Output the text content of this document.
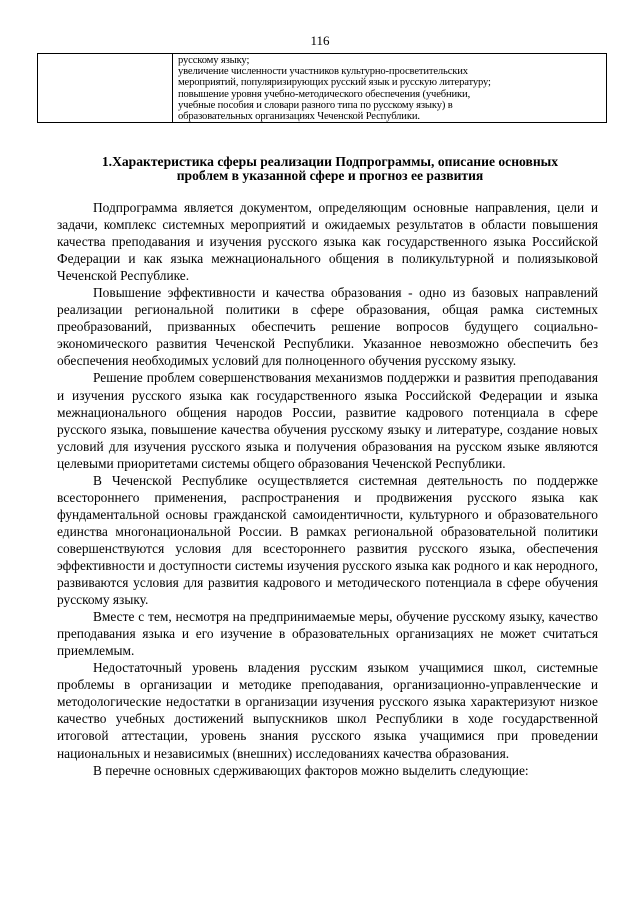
116

русскому языку;
увеличение численности участников культурно-просветительских
мероприятий, популяризирующих русский язык и русскую литературу;
повышение уровня учебно-методического обеспечения (учебники,
учебные пособия и словари разного типа по русскому языку) в
образовательных организациях Чеченской Республики.
1.Характеристика сферы реализации Подпрограммы, описание основных
проблем в указанной сфере и прогноз ее развития

Подпрограмма является документом, определяющим основные направления, цели и задачи, комплекс системных мероприятий и ожидаемых результатов в области повышения качества преподавания и изучения русского языка как государственного языка Российской Федерации и как языка межнационального общения в поликультурной и полиязыковой Чеченской Республике.

Повышение эффективности и качества образования - одно из базовых направлений реализации региональной политики в сфере образования, общая рамка системных преобразований, призванных обеспечить решение вопросов будущего социально-экономического развития Чеченской Республики. Указанное невозможно обеспечить без обеспечения необходимых условий для полноценного обучения русскому языку.

Решение проблем совершенствования механизмов поддержки и развития преподавания и изучения русского языка как государственного языка Российской Федерации и языка межнационального общения народов России, развитие кадрового потенциала в сфере русского языка, повышение качества обучения русскому языку и литературе, создание новых условий для изучения русского языка и получения образования на русском языке являются целевыми приоритетами системы общего образования Чеченской Республики.

В Чеченской Республике осуществляется системная деятельность по поддержке всестороннего применения, распространения и продвижения русского языка как фундаментальной основы гражданской самоидентичности, культурного и образовательного единства многонациональной России. В рамках региональной образовательной политики совершенствуются условия для всестороннего развития русского языка, обеспечения эффективности и доступности системы изучения русского языка как родного и как неродного, развиваются условия для развития кадрового и методического потенциала в сфере обучения русскому языку.

Вместе с тем, несмотря на предпринимаемые меры, обучение русскому языку, качество преподавания языка и его изучение в образовательных организациях не может считаться приемлемым.

Недостаточный уровень владения русским языком учащимися школ, системные проблемы в организации и методике преподавания, организационно-управленческие и методологические недостатки в организации изучения русского языка характеризуют низкое качество учебных достижений выпускников школ Республики в ходе государственной итоговой аттестации, уровень знания русского языка учащимися при проведении национальных и независимых (внешних) исследованиях качества образования.

В перечне основных сдерживающих факторов можно выделить следующие:
